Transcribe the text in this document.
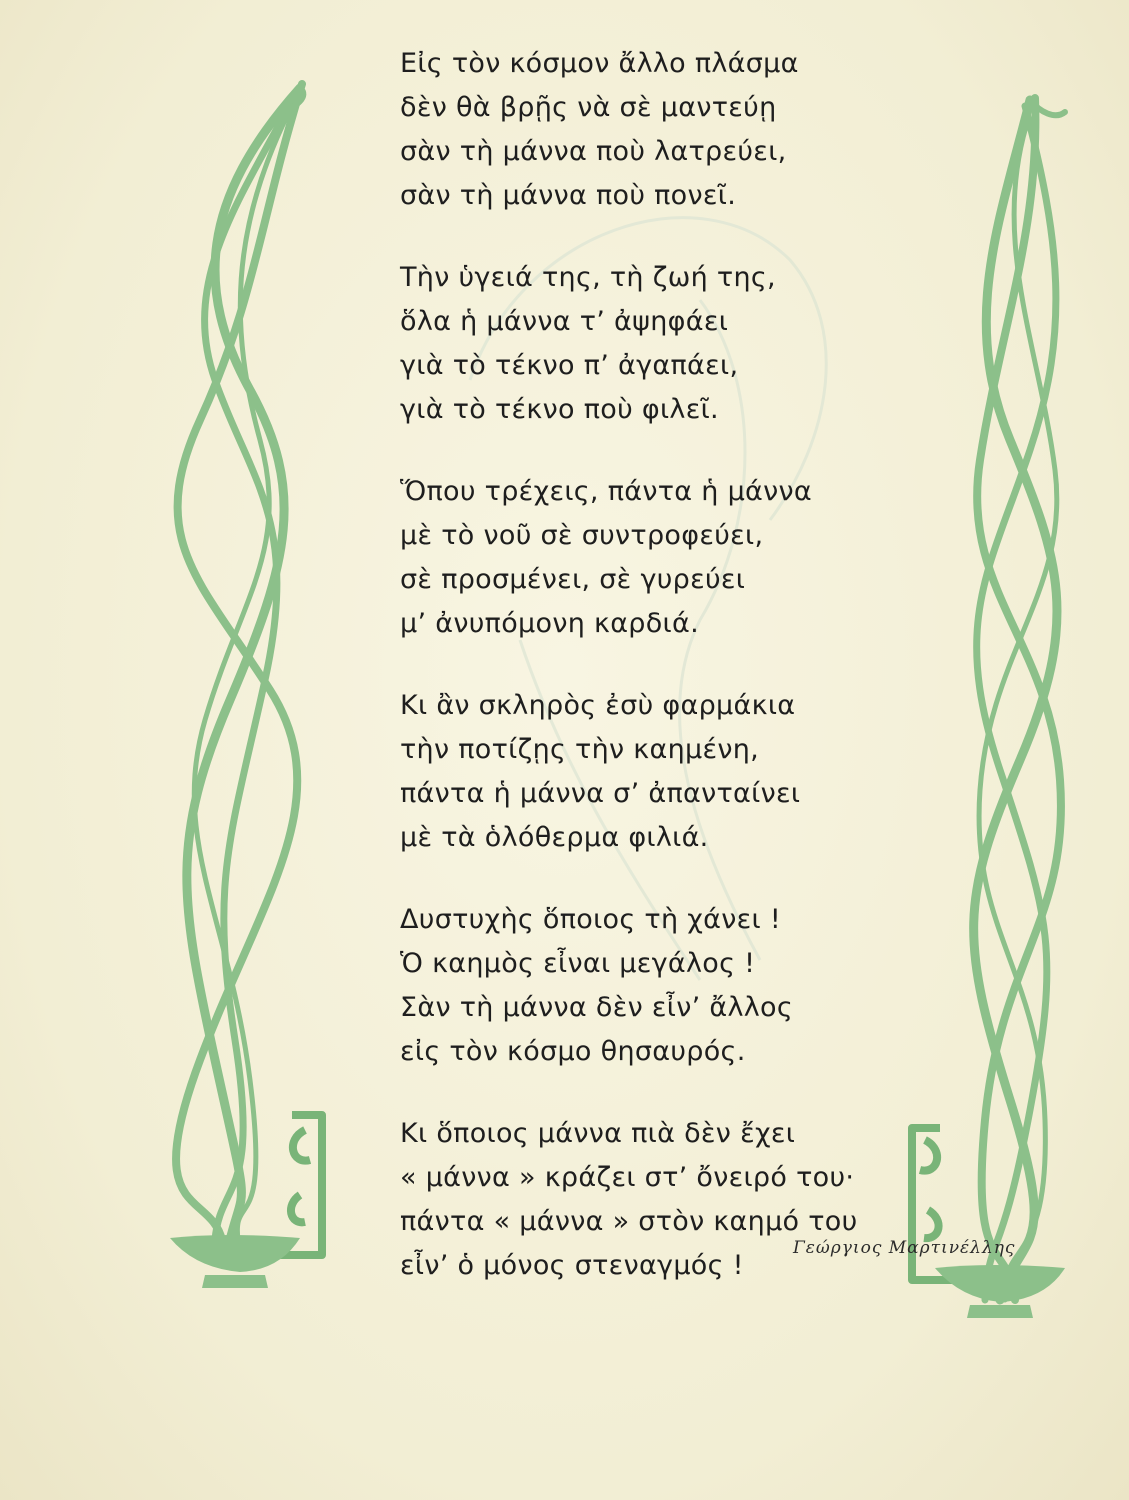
Εἰς τὸν κόσμον ἄλλο πλάσμα
δὲν θὰ βρῇς νὰ σὲ μαντεύῃ
σὰν τὴ μάννα ποὺ λατρεύει,
σὰν τὴ μάννα ποὺ πονεῖ.
Τὴν ὑγειά της, τὴ ζωή της,
ὅλα ἡ μάννα τ’ ἀψηφάει
γιὰ τὸ τέκνο π’ ἀγαπάει,
γιὰ τὸ τέκνο ποὺ φιλεῖ.
Ὅπου τρέχεις, πάντα ἡ μάννα
μὲ τὸ νοῦ σὲ συντροφεύει,
σὲ προσμένει, σὲ γυρεύει
μ’ ἀνυπόμονη καρδιά.
Κι ἂν σκληρὸς ἐσὺ φαρμάκια
τὴν ποτίζῃς τὴν καημένη,
πάντα ἡ μάννα σ’ ἀπανταίνει
μὲ τὰ ὁλόθερμα φιλιά.
Δυστυχὴς ὅποιος τὴ χάνει !
Ὁ καημὸς εἶναι μεγάλος !
Σὰν τὴ μάννα δὲν εἶν’ ἄλλος
εἰς τὸν κόσμο θησαυρός.
Κι ὅποιος μάννα πιὰ δὲν ἔχει
« μάννα » κράζει στ’ ὄνειρό του·
πάντα « μάννα » στὸν καημό του
εἶν’ ὁ μόνος στεναγμός !
Γεώργιος Μαρτινέλλης
